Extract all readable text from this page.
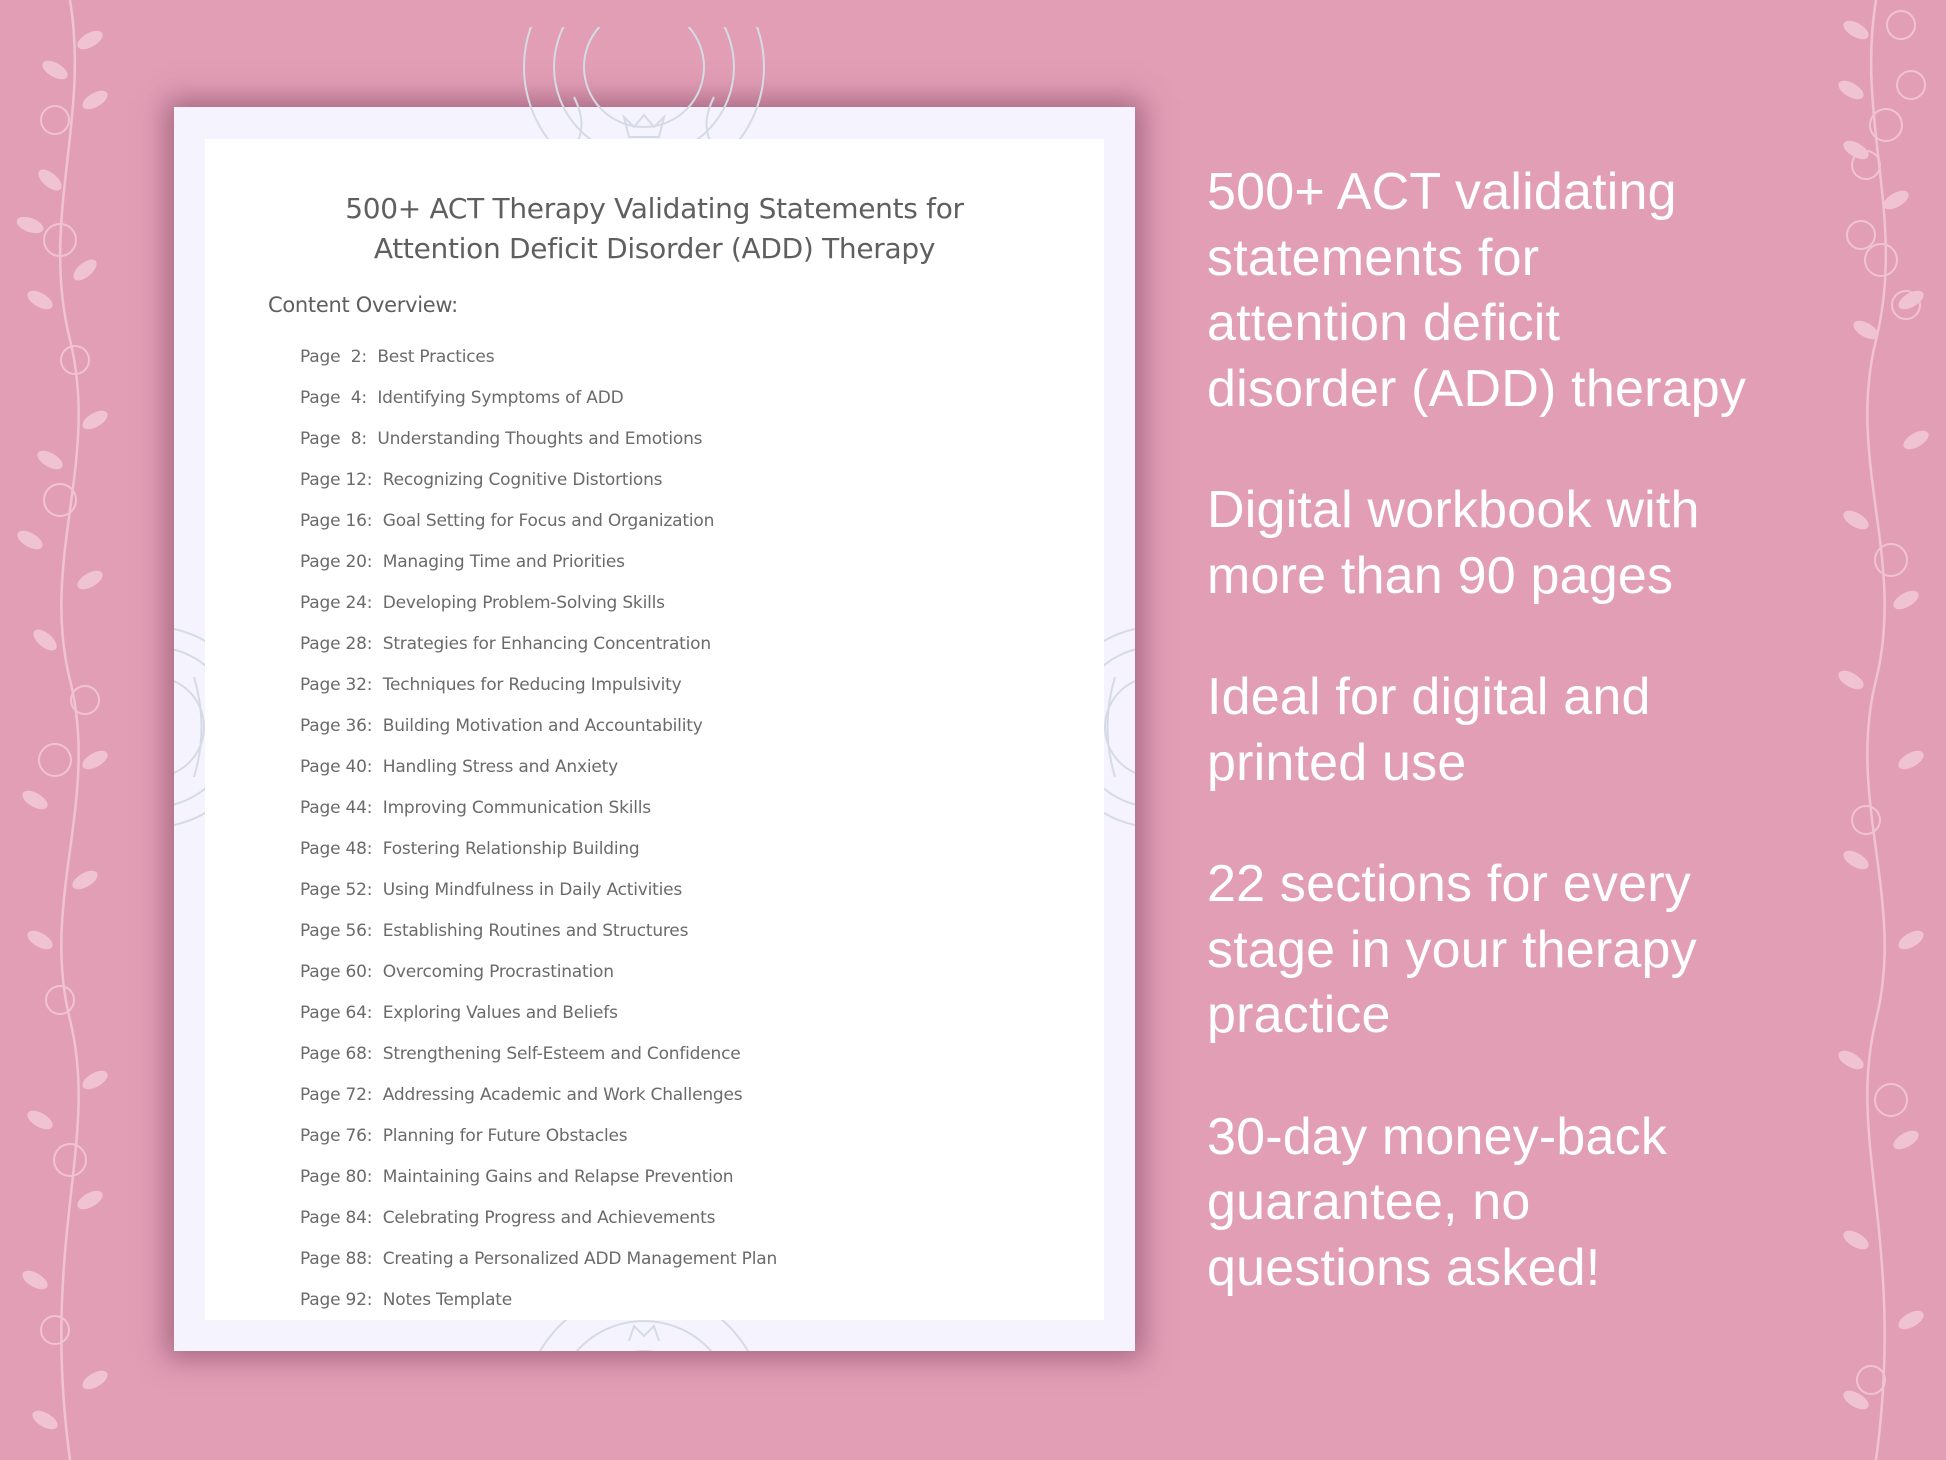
500+ ACT Therapy Validating Statements for
Attention Deficit Disorder (ADD) Therapy

Content Overview:

Page  2: Best Practices
Page  4: Identifying Symptoms of ADD
Page  8: Understanding Thoughts and Emotions
Page 12: Recognizing Cognitive Distortions
Page 16: Goal Setting for Focus and Organization
Page 20: Managing Time and Priorities
Page 24: Developing Problem-Solving Skills
Page 28: Strategies for Enhancing Concentration
Page 32: Techniques for Reducing Impulsivity
Page 36: Building Motivation and Accountability
Page 40: Handling Stress and Anxiety
Page 44: Improving Communication Skills
Page 48: Fostering Relationship Building
Page 52: Using Mindfulness in Daily Activities
Page 56: Establishing Routines and Structures
Page 60: Overcoming Procrastination
Page 64: Exploring Values and Beliefs
Page 68: Strengthening Self-Esteem and Confidence
Page 72: Addressing Academic and Work Challenges
Page 76: Planning for Future Obstacles
Page 80: Maintaining Gains and Relapse Prevention
Page 84: Celebrating Progress and Achievements
Page 88: Creating a Personalized ADD Management Plan
Page 92: Notes Template

500+ ACT validating
statements for
attention deficit
disorder (ADD) therapy

Digital workbook with
more than 90 pages

Ideal for digital and
printed use

22 sections for every
stage in your therapy
practice

30-day money-back
guarantee, no
questions asked!
